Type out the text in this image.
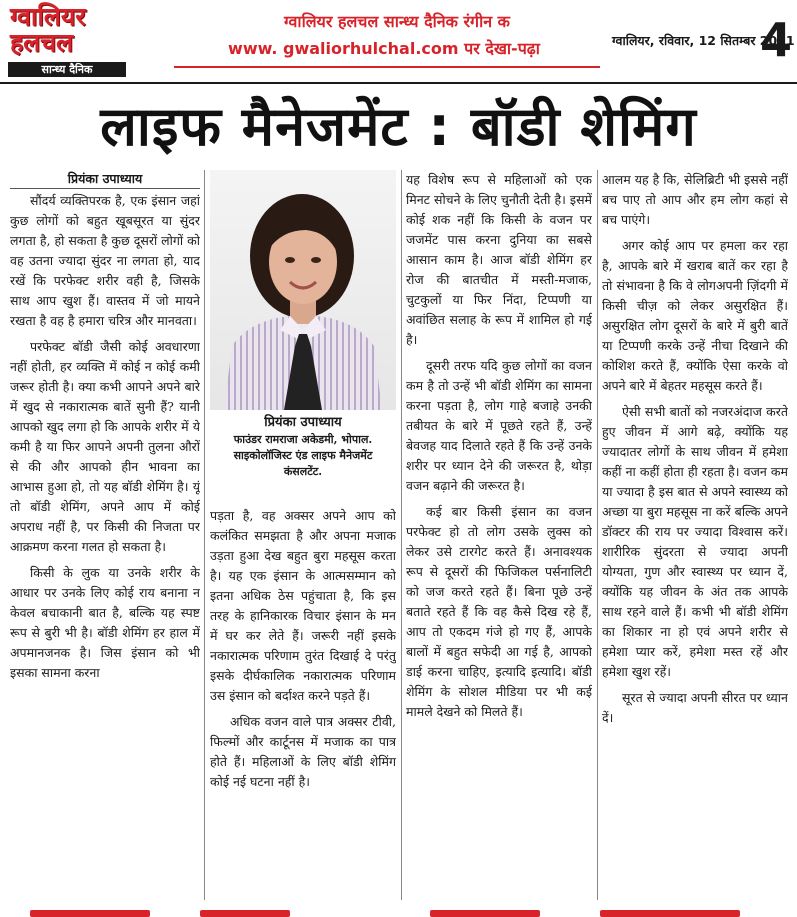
ग्वालियर
हलचल
सान्ध्य दैनिक
ग्वालियर हलचल सान्ध्य दैनिक रंगीन क
www. gwaliorhulchal.com पर देखा-पढ़ा	ग्वालियर, रविवार, 12 सितम्बर 2021
4
लाइफ मैनेजमेंट : बॉडी शेमिंग
प्रियंका उपाध्याय

सौंदर्य व्यक्तिपरक है, एक इंसान जहां कुछ लोगों को बहुत खूबसूरत या सुंदर लगता है, हो सकता है कुछ दूसरों लोगों को वह उतना ज्यादा सुंदर ना लगता हो, याद रखें कि परफेक्ट शरीर वही है, जिसके साथ आप खुश हैं। वास्तव में जो मायने रखता है वह है हमारा चरित्र और मानवता।

परफेक्ट बॉडी जैसी कोई अवधारणा नहीं होती, हर व्यक्ति में कोई न कोई कमी जरूर होती है। क्या कभी आपने अपने बारे में खुद से नकारात्मक बातें सुनी हैं? यानी आपको खुद लगा हो कि आपके शरीर में ये कमी है या फिर आपने अपनी तुलना औरों से की और आपको हीन भावना का आभास हुआ हो, तो यह बॉडी शेमिंग है। यूं तो बॉडी शेमिंग, अपने आप में कोई अपराध नहीं है, पर किसी की निजता पर आक्रमण करना गलत हो सकता है।

किसी के लुक या उनके शरीर के आधार पर उनके लिए कोई राय बनाना न केवल बचाकानी बात है, बल्कि यह स्पष्ट रूप से बुरी भी है। बॉडी शेमिंग हर हाल में अपमानजनक है। जिस इंसान को भी इसका सामना करना

प्रियंका उपाध्याय
फाउंडर रामराजा अकेडमी, भोपाल.
साइकोलॉजिस्ट एंड लाइफ मैनेजमेंट
कंसलटेंट.

पड़ता है, वह अक्सर अपने आप को कलंकित समझता है और अपना मजाक उड़ता हुआ देख बहुत बुरा महसूस करता है। यह एक इंसान के आत्मसम्मान को इतना अधिक ठेस पहुंचाता है, कि इस तरह के हानिकारक विचार इंसान के मन में घर कर लेते हैं। जरूरी नहीं इसके नकारात्मक परिणाम तुरंत दिखाई दे परंतु इसके दीर्घकालिक नकारात्मक परिणाम उस इंसान को बर्दाश्त करने पड़ते हैं।

अधिक वजन वाले पात्र अक्सर टीवी, फिल्मों और कार्टूनस में मजाक का पात्र होते हैं। महिलाओं के लिए बॉडी शेमिंग कोई नई घटना नहीं है।

यह विशेष रूप से महिलाओं को एक मिनट सोचने के लिए चुनौती देती है। इसमें कोई शक नहीं कि किसी के वजन पर जजमेंट पास करना दुनिया का सबसे आसान काम है। आज बॉडी शेमिंग हर रोज की बातचीत में मस्ती-मजाक, चुटकुलों या फिर निंदा, टिप्पणी या अवांछित सलाह के रूप में शामिल हो गई है।

दूसरी तरफ यदि कुछ लोगों का वजन कम है तो उन्हें भी बॉडी शेमिंग का सामना करना पड़ता है, लोग गाहे बजाहे उनकी तबीयत के बारे में पूछते रहते हैं, उन्हें बेवजह याद दिलाते रहते हैं कि उन्हें उनके शरीर पर ध्यान देने की जरूरत है, थोड़ा वजन बढ़ाने की जरूरत है।

कई बार किसी इंसान का वजन परफेक्ट हो तो लोग उसके लुक्स को लेकर उसे टारगेट करते हैं। अनावश्यक रूप से दूसरों की फिजिकल पर्सनालिटी को जज करते रहते हैं। बिना पूछे उन्हें बताते रहते हैं कि वह कैसे दिख रहे हैं, आप तो एकदम गंजे हो गए हैं, आपके बालों में बहुत सफेदी आ गई है, आपको डाई करना चाहिए, इत्यादि इत्यादि। बॉडी शेमिंग के सोशल मीडिया पर भी कई मामले देखने को मिलते हैं।

आलम यह है कि, सेलिब्रिटी भी इससे नहीं बच पाए तो आप और हम लोग कहां से बच पाएंगे।

अगर कोई आप पर हमला कर रहा है, आपके बारे में खराब बातें कर रहा है तो संभावना है कि वे लोगअपनी ज़िंदगी में किसी चीज़ को लेकर असुरक्षित हैं। असुरक्षित लोग दूसरों के बारे में बुरी बातें या टिप्पणी करके उन्हें नीचा दिखाने की कोशिश करते हैं, क्योंकि ऐसा करके वो अपने बारे में बेहतर महसूस करते हैं।

ऐसी सभी बातों को नजरअंदाज करते हुए जीवन में आगे बढ़े, क्योंकि यह ज्यादातर लोगों के साथ जीवन में हमेशा कहीं ना कहीं होता ही रहता है। वजन कम या ज्यादा है इस बात से अपने स्वास्थ्य को अच्छा या बुरा महसूस ना करें बल्कि अपने डॉक्टर की राय पर ज्यादा विश्वास करें। शारीरिक सुंदरता से ज्यादा अपनी योग्यता, गुण और स्वास्थ्य पर ध्यान दें, क्योंकि यह जीवन के अंत तक आपके साथ रहने वाले हैं। कभी भी बॉडी शेमिंग का शिकार ना हो एवं अपने शरीर से हमेशा प्यार करें, हमेशा मस्त रहें और हमेशा खुश रहें।

सूरत से ज्यादा अपनी सीरत पर ध्यान दें।
